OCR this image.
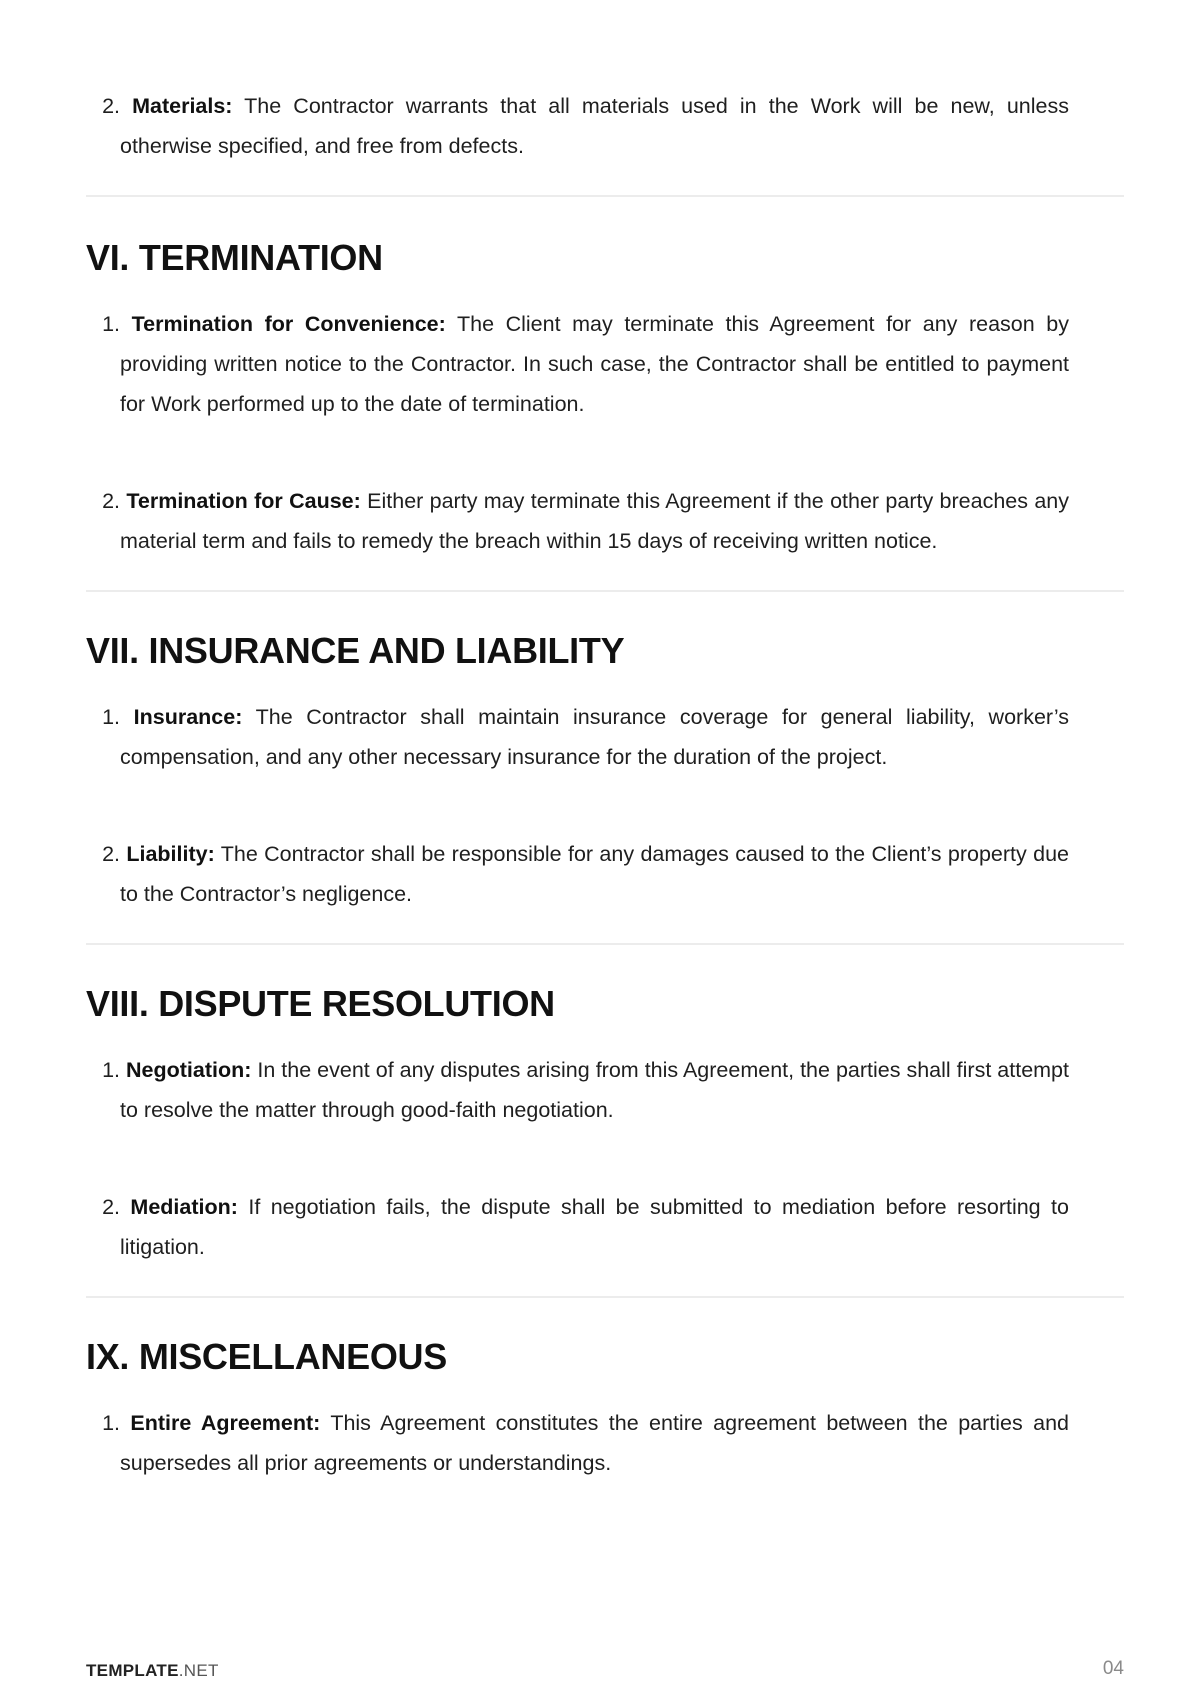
2. Materials: The Contractor warrants that all materials used in the Work will be new, unless otherwise specified, and free from defects.
VI. TERMINATION
1. Termination for Convenience: The Client may terminate this Agreement for any reason by providing written notice to the Contractor. In such case, the Contractor shall be entitled to payment for Work performed up to the date of termination.
2. Termination for Cause: Either party may terminate this Agreement if the other party breaches any material term and fails to remedy the breach within 15 days of receiving written notice.
VII. INSURANCE AND LIABILITY
1. Insurance: The Contractor shall maintain insurance coverage for general liability, worker’s compensation, and any other necessary insurance for the duration of the project.
2. Liability: The Contractor shall be responsible for any damages caused to the Client’s property due to the Contractor’s negligence.
VIII. DISPUTE RESOLUTION
1. Negotiation: In the event of any disputes arising from this Agreement, the parties shall first attempt to resolve the matter through good-faith negotiation.
2. Mediation: If negotiation fails, the dispute shall be submitted to mediation before resorting to litigation.
IX. MISCELLANEOUS
1. Entire Agreement: This Agreement constitutes the entire agreement between the parties and supersedes all prior agreements or understandings.
TEMPLATE.NET	04
